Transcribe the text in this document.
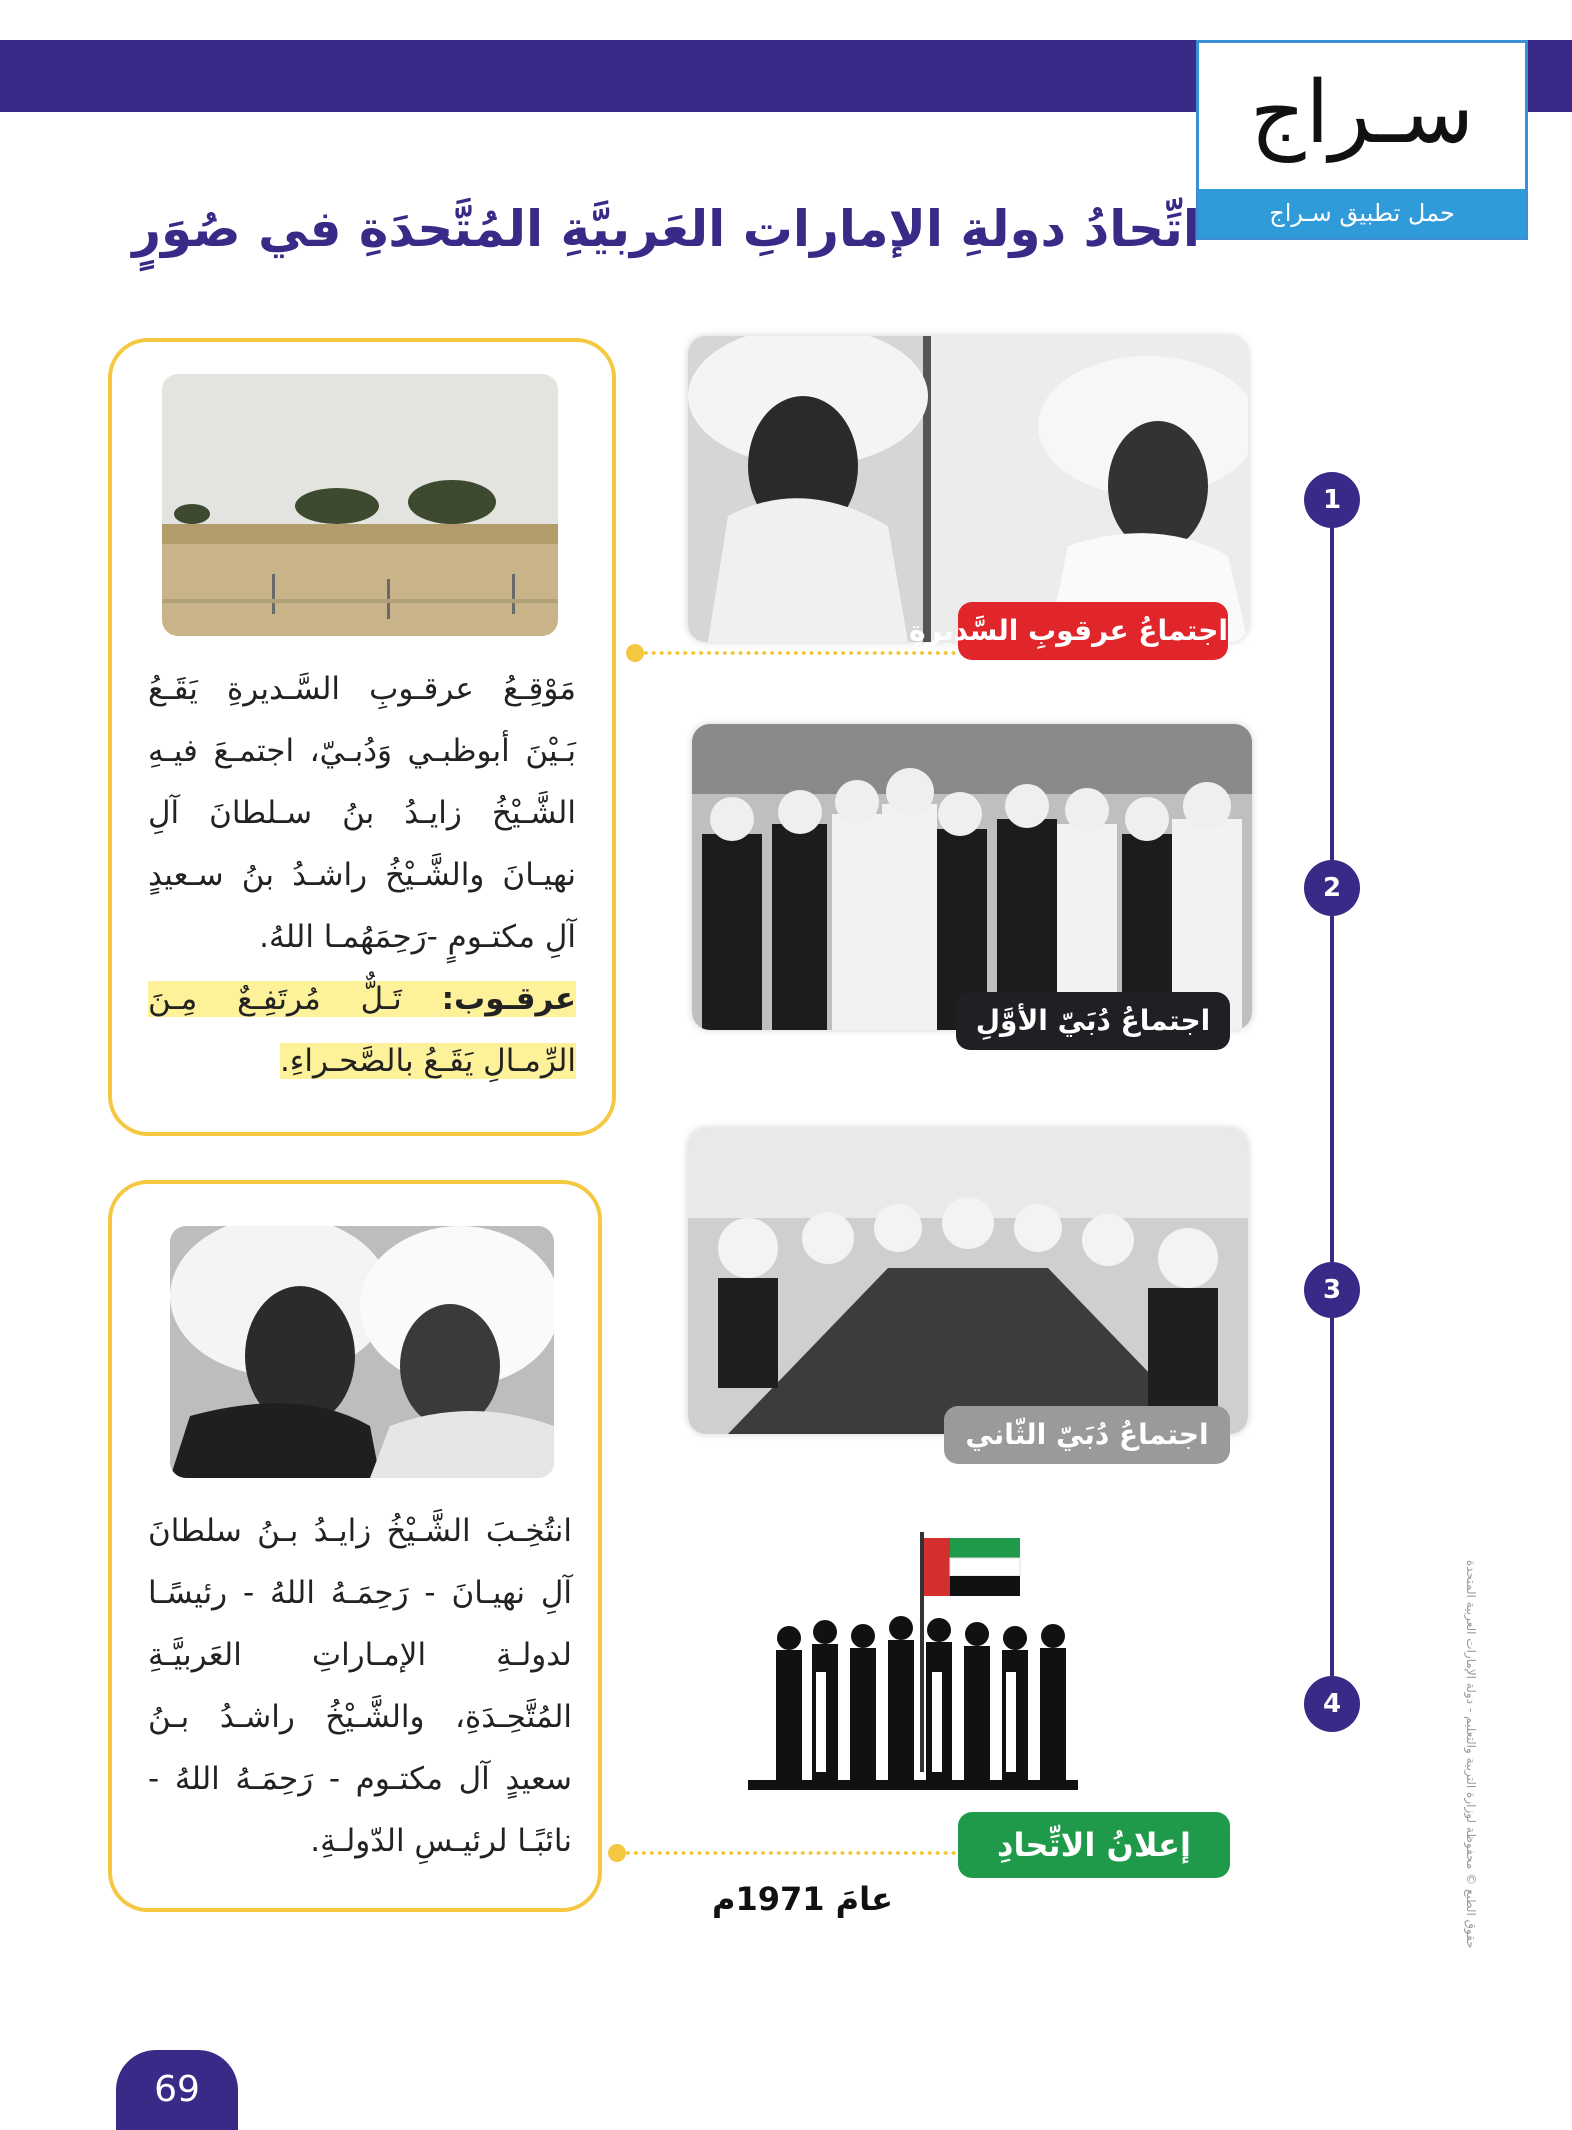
سـراج
حمل تطبيق سـراج
اتِّحادُ دولةِ الإماراتِ العَربيَّةِ المُتَّحدَةِ في صُوَرٍ
1
2
3
4
اجتماعُ عرقوبِ السَّديرةِ
اجتماعُ دُبَيّ الأوَّلِ
اجتماعُ دُبَيّ الثّاني
إعلانُ الاتِّحادِ
عامَ 1971م
مَوْقِـعُ عرقـوبِ السَّـديرةِ يَقَـعُ بَـيْنَ أبوظبـي وَدُبـيّ، اجتمـعَ فيـهِ الشَّـيْخُ زايـدُ بنُ سـلطانَ آلِ نهيـانَ والشَّـيْخُ راشـدُ بنُ سـعيدٍ آلِ مكتـومٍ -رَحِمَهُمـا اللهُ.
عرقـوب: تَـلٌّ مُرتَفِـعٌ مِـنَ الرِّمـالِ يَقَـعُ بالصَّحـراءِ.
انتُخِـبَ الشَّـيْخُ زايـدُ بـنُ سلطانَ آلِ نهيـانَ - رَحِمَـهُ اللهُ - رئيسًـا لدولـةِ الإمـاراتِ العَربيَّـةِ المُتَّحِـدَةِ، والشَّـيْخُ راشـدُ بـنُ سعيدٍ آل مكتـوم - رَحِمَـهُ اللهُ - نائبًـا لرئيـسِ الدّولـةِ.
69
حقوق الطبع © محفوظة لوزارة التربية والتعليم - دولة الإمارات العربية المتحدة
